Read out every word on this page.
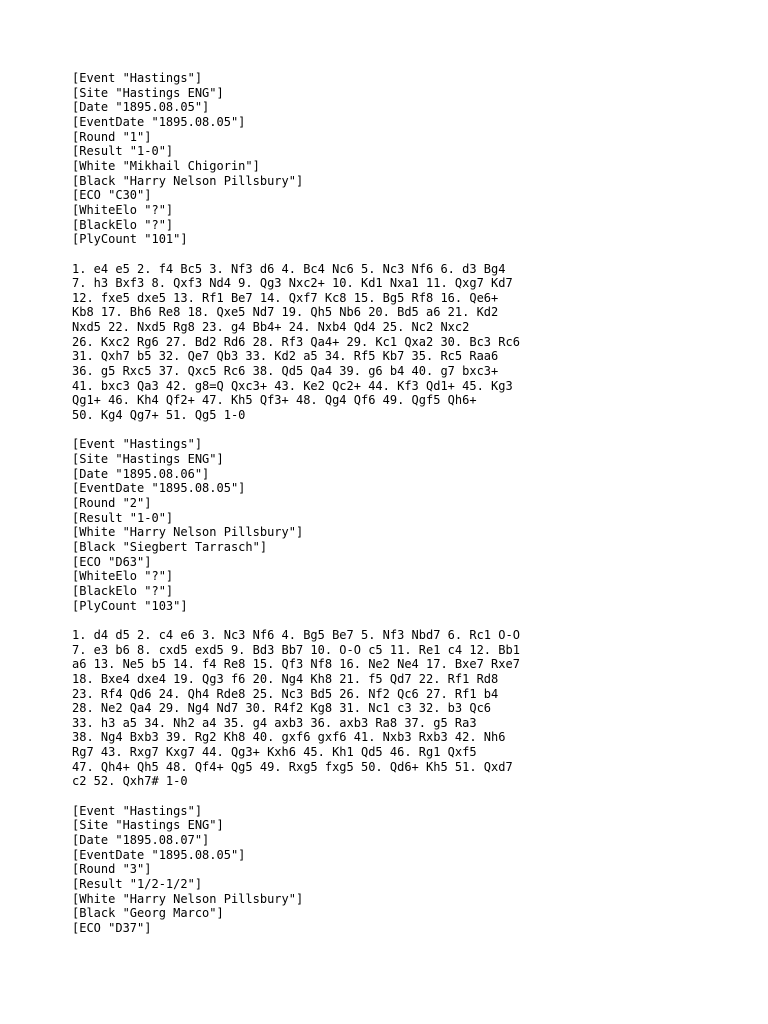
[Event "Hastings"]
[Site "Hastings ENG"]
[Date "1895.08.05"]
[EventDate "1895.08.05"]
[Round "1"]
[Result "1-0"]
[White "Mikhail Chigorin"]
[Black "Harry Nelson Pillsbury"]
[ECO "C30"]
[WhiteElo "?"]
[BlackElo "?"]
[PlyCount "101"]
1. e4 e5 2. f4 Bc5 3. Nf3 d6 4. Bc4 Nc6 5. Nc3 Nf6 6. d3 Bg4
7. h3 Bxf3 8. Qxf3 Nd4 9. Qg3 Nxc2+ 10. Kd1 Nxa1 11. Qxg7 Kd7
12. fxe5 dxe5 13. Rf1 Be7 14. Qxf7 Kc8 15. Bg5 Rf8 16. Qe6+
Kb8 17. Bh6 Re8 18. Qxe5 Nd7 19. Qh5 Nb6 20. Bd5 a6 21. Kd2
Nxd5 22. Nxd5 Rg8 23. g4 Bb4+ 24. Nxb4 Qd4 25. Nc2 Nxc2
26. Kxc2 Rg6 27. Bd2 Rd6 28. Rf3 Qa4+ 29. Kc1 Qxa2 30. Bc3 Rc6
31. Qxh7 b5 32. Qe7 Qb3 33. Kd2 a5 34. Rf5 Kb7 35. Rc5 Raa6
36. g5 Rxc5 37. Qxc5 Rc6 38. Qd5 Qa4 39. g6 b4 40. g7 bxc3+
41. bxc3 Qa3 42. g8=Q Qxc3+ 43. Ke2 Qc2+ 44. Kf3 Qd1+ 45. Kg3
Qg1+ 46. Kh4 Qf2+ 47. Kh5 Qf3+ 48. Qg4 Qf6 49. Qgf5 Qh6+
50. Kg4 Qg7+ 51. Qg5 1-0
[Event "Hastings"]
[Site "Hastings ENG"]
[Date "1895.08.06"]
[EventDate "1895.08.05"]
[Round "2"]
[Result "1-0"]
[White "Harry Nelson Pillsbury"]
[Black "Siegbert Tarrasch"]
[ECO "D63"]
[WhiteElo "?"]
[BlackElo "?"]
[PlyCount "103"]
1. d4 d5 2. c4 e6 3. Nc3 Nf6 4. Bg5 Be7 5. Nf3 Nbd7 6. Rc1 O-O
7. e3 b6 8. cxd5 exd5 9. Bd3 Bb7 10. O-O c5 11. Re1 c4 12. Bb1
a6 13. Ne5 b5 14. f4 Re8 15. Qf3 Nf8 16. Ne2 Ne4 17. Bxe7 Rxe7
18. Bxe4 dxe4 19. Qg3 f6 20. Ng4 Kh8 21. f5 Qd7 22. Rf1 Rd8
23. Rf4 Qd6 24. Qh4 Rde8 25. Nc3 Bd5 26. Nf2 Qc6 27. Rf1 b4
28. Ne2 Qa4 29. Ng4 Nd7 30. R4f2 Kg8 31. Nc1 c3 32. b3 Qc6
33. h3 a5 34. Nh2 a4 35. g4 axb3 36. axb3 Ra8 37. g5 Ra3
38. Ng4 Bxb3 39. Rg2 Kh8 40. gxf6 gxf6 41. Nxb3 Rxb3 42. Nh6
Rg7 43. Rxg7 Kxg7 44. Qg3+ Kxh6 45. Kh1 Qd5 46. Rg1 Qxf5
47. Qh4+ Qh5 48. Qf4+ Qg5 49. Rxg5 fxg5 50. Qd6+ Kh5 51. Qxd7
c2 52. Qxh7# 1-0
[Event "Hastings"]
[Site "Hastings ENG"]
[Date "1895.08.07"]
[EventDate "1895.08.05"]
[Round "3"]
[Result "1/2-1/2"]
[White "Harry Nelson Pillsbury"]
[Black "Georg Marco"]
[ECO "D37"]
